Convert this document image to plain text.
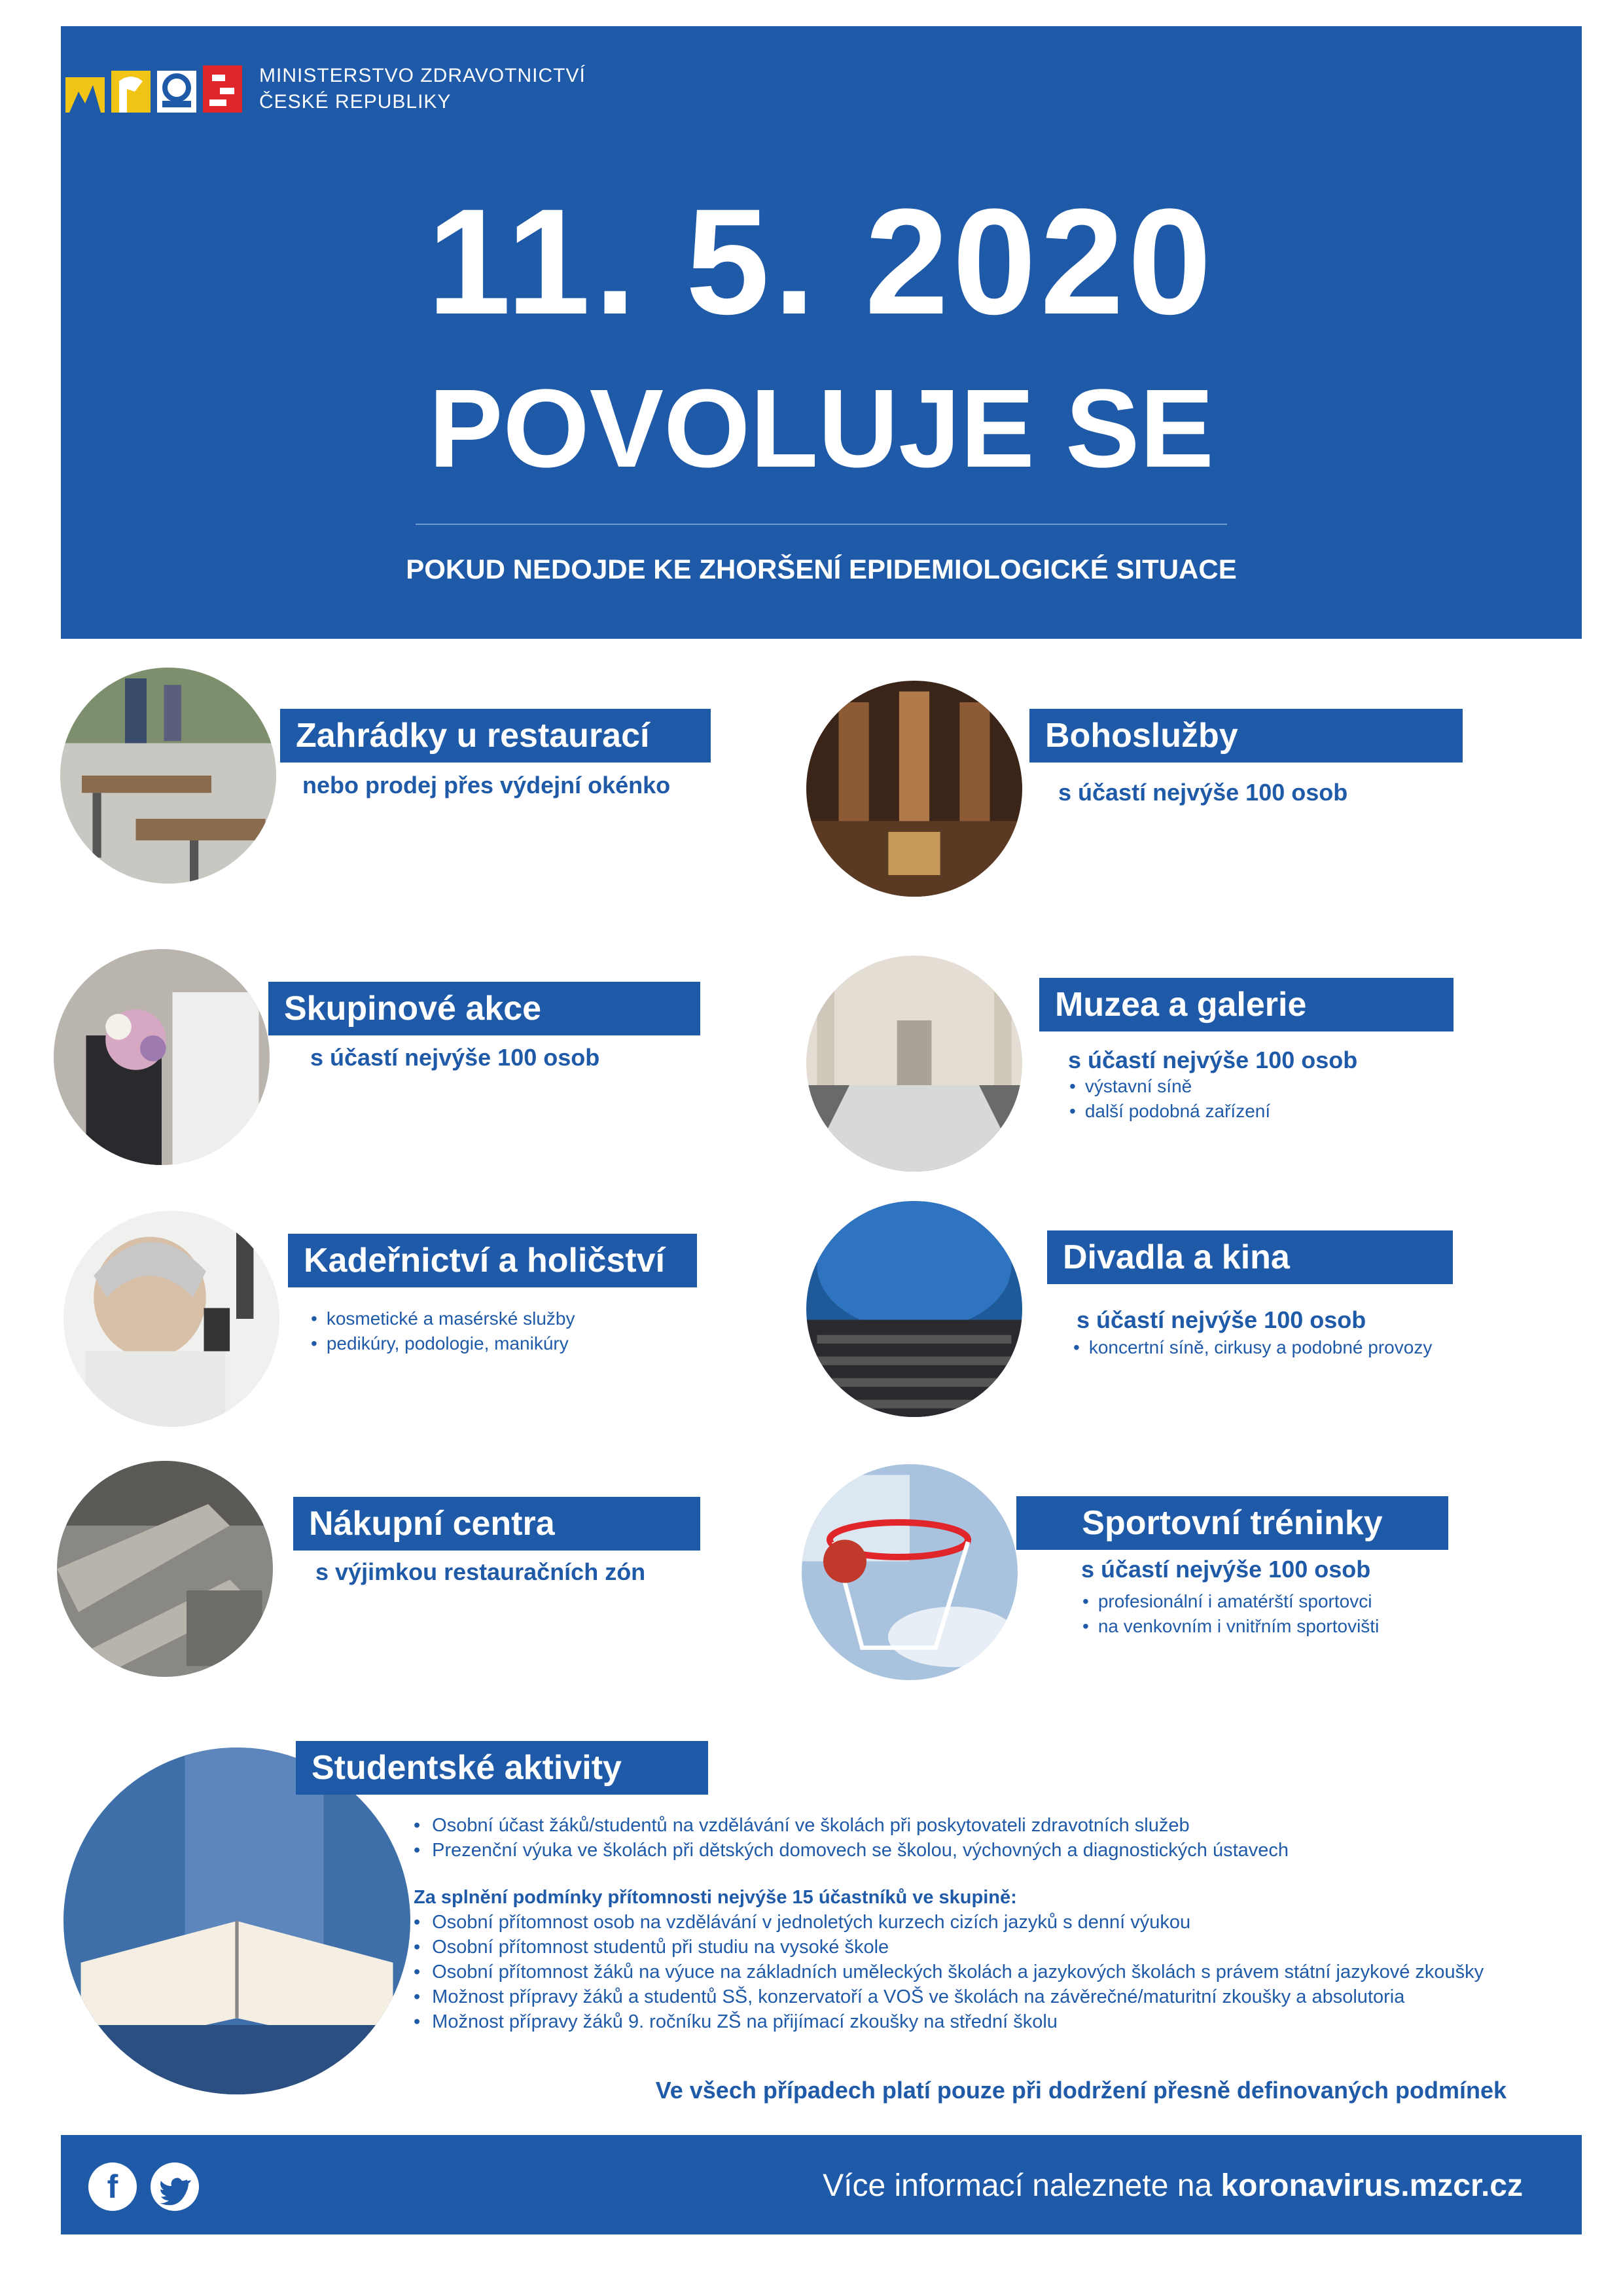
MINISTERSTVO ZDRAVOTNICTVÍ
ČESKÉ REPUBLIKY
11. 5. 2020
POVOLUJE SE
POKUD NEDOJDE KE ZHORŠENÍ EPIDEMIOLOGICKÉ SITUACE
Zahrádky u restaurací
nebo prodej přes výdejní okénko
Bohoslužby
s účastí nejvýše 100 osob
Skupinové akce
s účastí nejvýše 100 osob
Muzea a galerie
s účastí nejvýše 100 osob
• výstavní síně
• další podobná zařízení
Kadeřnictví a holičství
• kosmetické a masérské služby
• pedikúry, podologie, manikúry
Divadla a kina
s účastí nejvýše 100 osob
• koncertní síně, cirkusy a podobné provozy
Nákupní centra
s výjimkou restauračních zón
Sportovní tréninky
s účastí nejvýše 100 osob
• profesionální i amatérští sportovci
• na venkovním i vnitřním sportovišti
Studentské aktivity
• Osobní účast žáků/studentů na vzdělávání ve školách při poskytovateli zdravotních služeb
• Prezenční výuka ve školách při dětských domovech se školou, výchovných a diagnostických ústavech
Za splnění podmínky přítomnosti nejvýše 15 účastníků ve skupině:
• Osobní přítomnost osob na vzdělávání v jednoletých kurzech cizích jazyků s denní výukou
• Osobní přítomnost studentů při studiu na vysoké škole
• Osobní přítomnost žáků na výuce na základních uměleckých školách a jazykových školách s právem státní jazykové zkoušky
• Možnost přípravy žáků a studentů SŠ, konzervatoří a VOŠ ve školách na závěrečné/maturitní zkoušky a absolutoria
• Možnost přípravy žáků 9. ročníku ZŠ na přijímací zkoušky na střední školu
Ve všech případech platí pouze při dodržení přesně definovaných podmínek
f	Více informací naleznete na koronavirus.mzcr.cz
